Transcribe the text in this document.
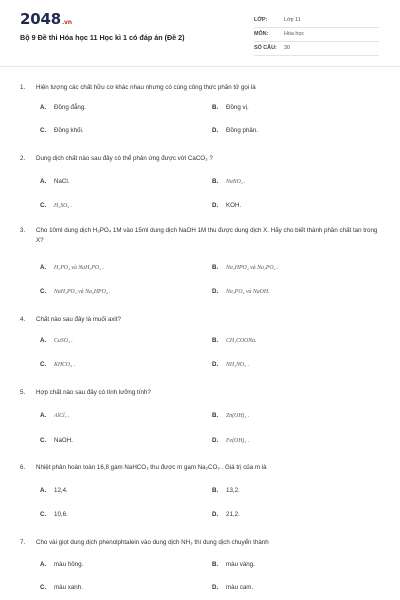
2048.vn
Bộ 9 Đề thi Hóa học 11 Học kì 1 có đáp án (Đề 2)
LỚP:	Lớp 11
MÔN:	Hóa học
SỐ CÂU: 30
1.	Hiện tượng các chất hữu cơ khác nhau nhưng có cùng công thức phân tử gọi là
A. Đồng đẳng.	B. Đồng vị.
C. Đồng khối.	D. Đồng phân.
2.	Dung dịch chất nào sau đây có thể phản ứng được với CaCO₃ ?
A. NaCl.	B. NaNO₃ .
C. H₂SO₄ .	D. KOH.
3.	Cho 10ml dung dịch H₃PO₄ 1M vào 15ml dung dịch NaOH 1M thu được dung dịch X. Hãy cho biết thành phần chất tan trong X?
A. H₃PO₄ và NaH₂PO₄ .	B. Na₂HPO₄ và Na₃PO₄ .
C. NaH₂PO₄ và Na₂HPO₄ .	D. Na₃PO₄ và NaOH.
4.	Chất nào sau đây là muối axit?
A. CuSO₄ .	B. CH₃COONa.
C. KHCO₃ .	D. NH₄NO₃ .
5.	Hợp chất nào sau đây có tính lưỡng tính?
A. AlCl₃ .	B. Zn(OH)₂ .
C. NaOH.	D. Fe(OH)₃ .
6.	Nhiệt phân hoàn toàn 16,8 gam NaHCO₃ thu được m gam Na₂CO₃ . Giá trị của m là
A. 12,4.	B. 13,2.
C. 10,6.	D. 21,2.
7.	Cho vài giọt dung dịch phenolphtalein vào dung dịch NH₃ thì dung dịch chuyển thành
A. màu hồng.	B. màu vàng.
C. màu xanh.	D. màu cam.
